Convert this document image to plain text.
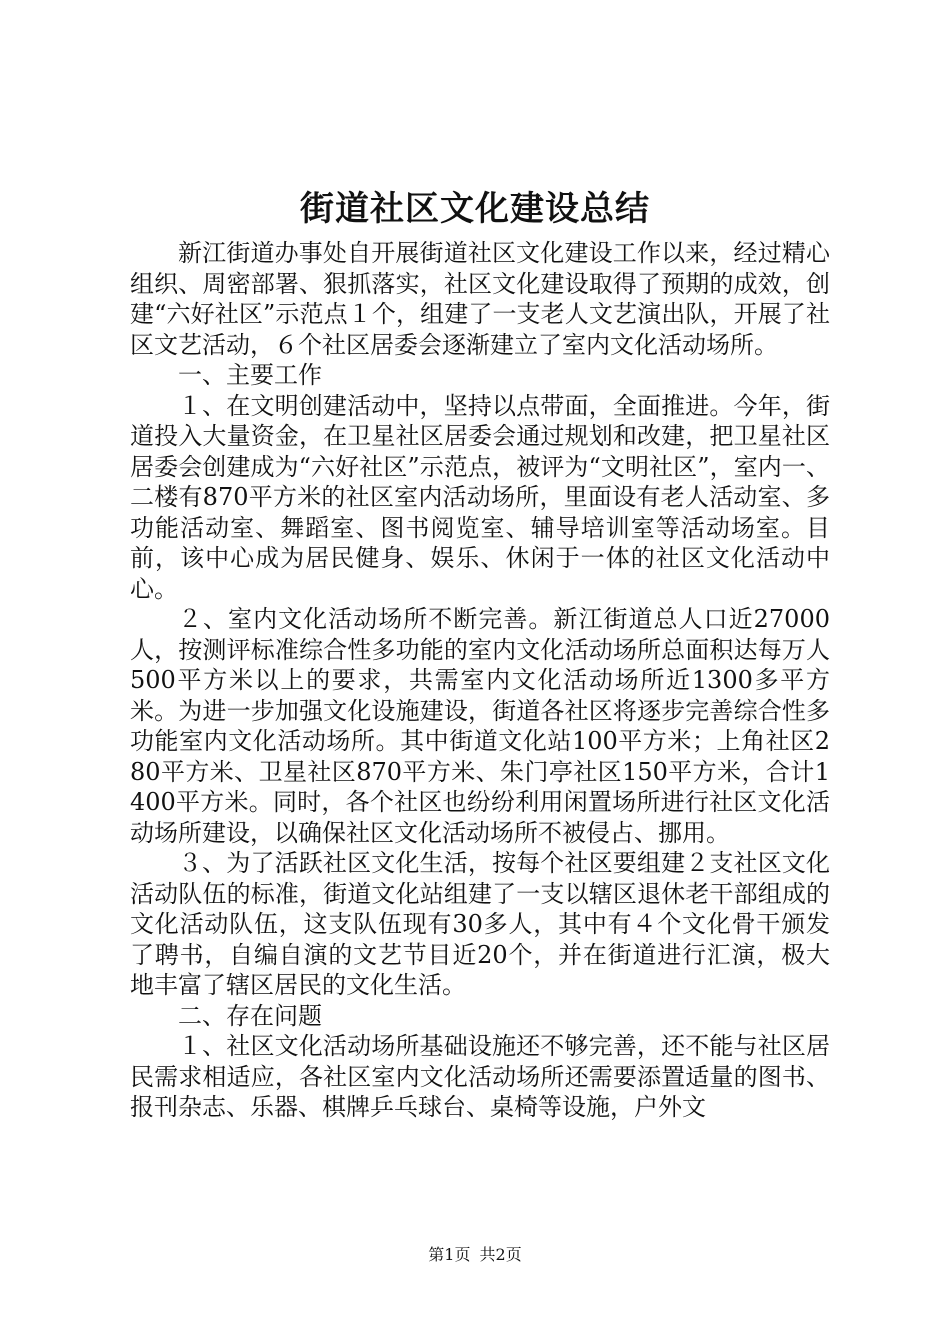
街道社区文化建设总结

新江街道办事处自开展街道社区文化建设工作以来，经过精心组织、周密部署、狠抓落实，社区文化建设取得了预期的成效，创建“六好社区”示范点１个，组建了一支老人文艺演出队，开展了社区文艺活动，６个社区居委会逐渐建立了室内文化活动场所。

一、主要工作

１、在文明创建活动中，坚持以点带面，全面推进。今年，街道投入大量资金，在卫星社区居委会通过规划和改建，把卫星社区居委会创建成为“六好社区”示范点，被评为“文明社区”，室内一、二楼有870平方米的社区室内活动场所，里面设有老人活动室、多功能活动室、舞蹈室、图书阅览室、辅导培训室等活动场室。目前，该中心成为居民健身、娱乐、休闲于一体的社区文化活动中心。

２、室内文化活动场所不断完善。新江街道总人口近27000人，按测评标准综合性多功能的室内文化活动场所总面积达每万人500平方米以上的要求，共需室内文化活动场所近1300多平方米。为进一步加强文化设施建设，街道各社区将逐步完善综合性多功能室内文化活动场所。其中街道文化站100平方米；上角社区280平方米、卫星社区870平方米、朱门亭社区150平方米，合计1400平方米。同时，各个社区也纷纷利用闲置场所进行社区文化活动场所建设，以确保社区文化活动场所不被侵占、挪用。

３、为了活跃社区文化生活，按每个社区要组建２支社区文化活动队伍的标准，街道文化站组建了一支以辖区退休老干部组成的文化活动队伍，这支队伍现有30多人，其中有４个文化骨干颁发了聘书，自编自演的文艺节目近20个，并在街道进行汇演，极大地丰富了辖区居民的文化生活。

二、存在问题

１、社区文化活动场所基础设施还不够完善，还不能与社区居民需求相适应，各社区室内文化活动场所还需要添置适量的图书、报刊杂志、乐器、棋牌乒乓球台、桌椅等设施，户外文

第1页 共2页
